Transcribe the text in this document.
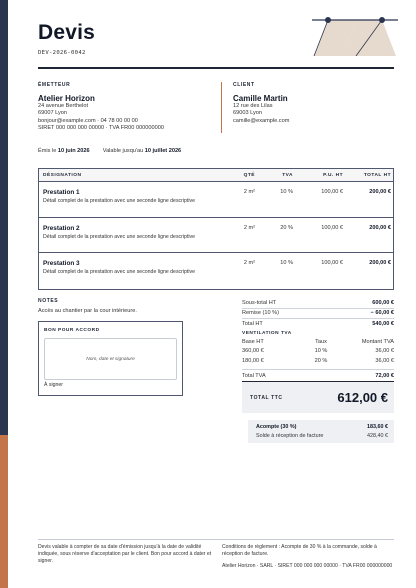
Devis
DEV-2026-0042
ÉMETTEUR
Atelier Horizon
24 avenue Berthelot
69007 Lyon
bonjour@example.com · 04 78 00 00 00
SIRET 000 000 000 00000 · TVA FR00 000000000
CLIENT
Camille Martin
12 rue des Lilas
69003 Lyon
camille@example.com
Émis le 10 juin 2026 Valable jusqu'au 10 juillet 2026
DÉSIGNATION	QTÉ	TVA	P.U. HT	TOTAL HT
Prestation 1
Détail complet de la prestation avec une seconde ligne descriptive
2 m²	10 %	100,00 €	200,00 €
Prestation 2
Détail complet de la prestation avec une seconde ligne descriptive
2 m²	20 %	100,00 €	200,00 €
Prestation 3
Détail complet de la prestation avec une seconde ligne descriptive
2 m²	10 %	100,00 €	200,00 €
NOTES
Accès au chantier par la cour intérieure.
BON POUR ACCORD
Nom, date et signature
À signer
Sous-total HT	600,00 €
Remise (10 %)	− 60,00 €
Total HT	540,00 €
VENTILATION TVA
Base HT	Taux	Montant TVA
360,00 €	10 %	36,00 €
180,00 €	20 %	36,00 €
Total TVA	72,00 €
TOTAL TTC	612,00 €
Acompte (30 %)	183,60 €
Solde à réception de facture	428,40 €
Devis valable à compter de sa date d'émission jusqu'à la date de validité indiquée, sous réserve d'acceptation par le client. Bon pour accord à dater et signer.

Conditions de règlement : Acompte de 30 % à la commande, solde à réception de facture.

Atelier Horizon · SARL · SIRET 000 000 000 00000 · TVA FR00 000000000
